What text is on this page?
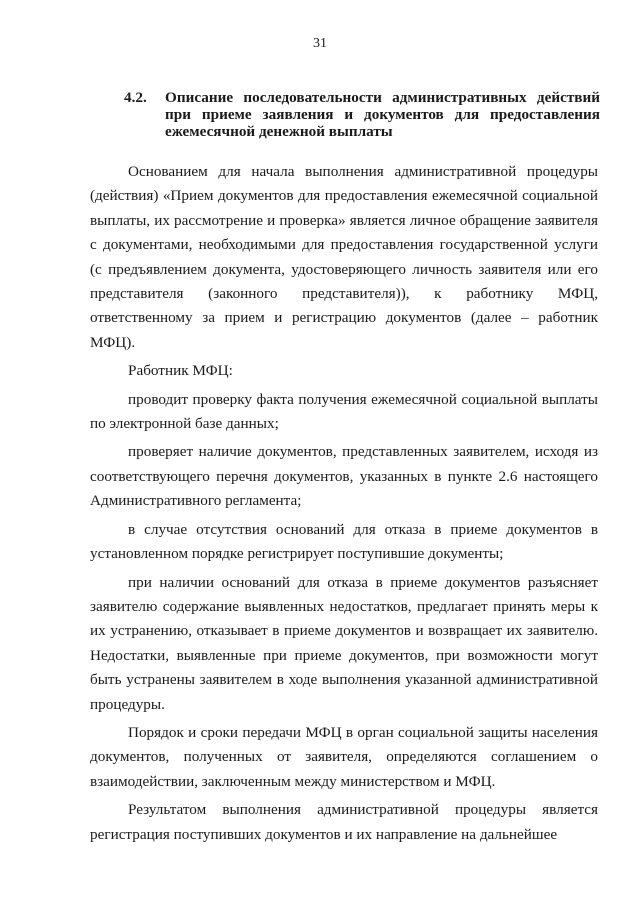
31
4.2. Описание последовательности административных действий при приеме заявления и документов для предоставления ежемесячной денежной выплаты

Основанием для начала выполнения административной процедуры (действия) «Прием документов для предоставления ежемесячной социальной выплаты, их рассмотрение и проверка» является личное обращение заявителя с документами, необходимыми для предоставления государственной услуги (с предъявлением документа, удостоверяющего личность заявителя или его представителя (законного представителя)), к работнику МФЦ, ответственному за прием и регистрацию документов (далее – работник МФЦ).

Работник МФЦ:

проводит проверку факта получения ежемесячной социальной выплаты по электронной базе данных;

проверяет наличие документов, представленных заявителем, исходя из соответствующего перечня документов, указанных в пункте 2.6 настоящего Административного регламента;

в случае отсутствия оснований для отказа в приеме документов в установленном порядке регистрирует поступившие документы;

при наличии оснований для отказа в приеме документов разъясняет заявителю содержание выявленных недостатков, предлагает принять меры к их устранению, отказывает в приеме документов и возвращает их заявителю. Недостатки, выявленные при приеме документов, при возможности могут быть устранены заявителем в ходе выполнения указанной административной процедуры.

Порядок и сроки передачи МФЦ в орган социальной защиты населения документов, полученных от заявителя, определяются соглашением о взаимодействии, заключенным между министерством и МФЦ.

Результатом выполнения административной процедуры является регистрация поступивших документов и их направление на дальнейшее
